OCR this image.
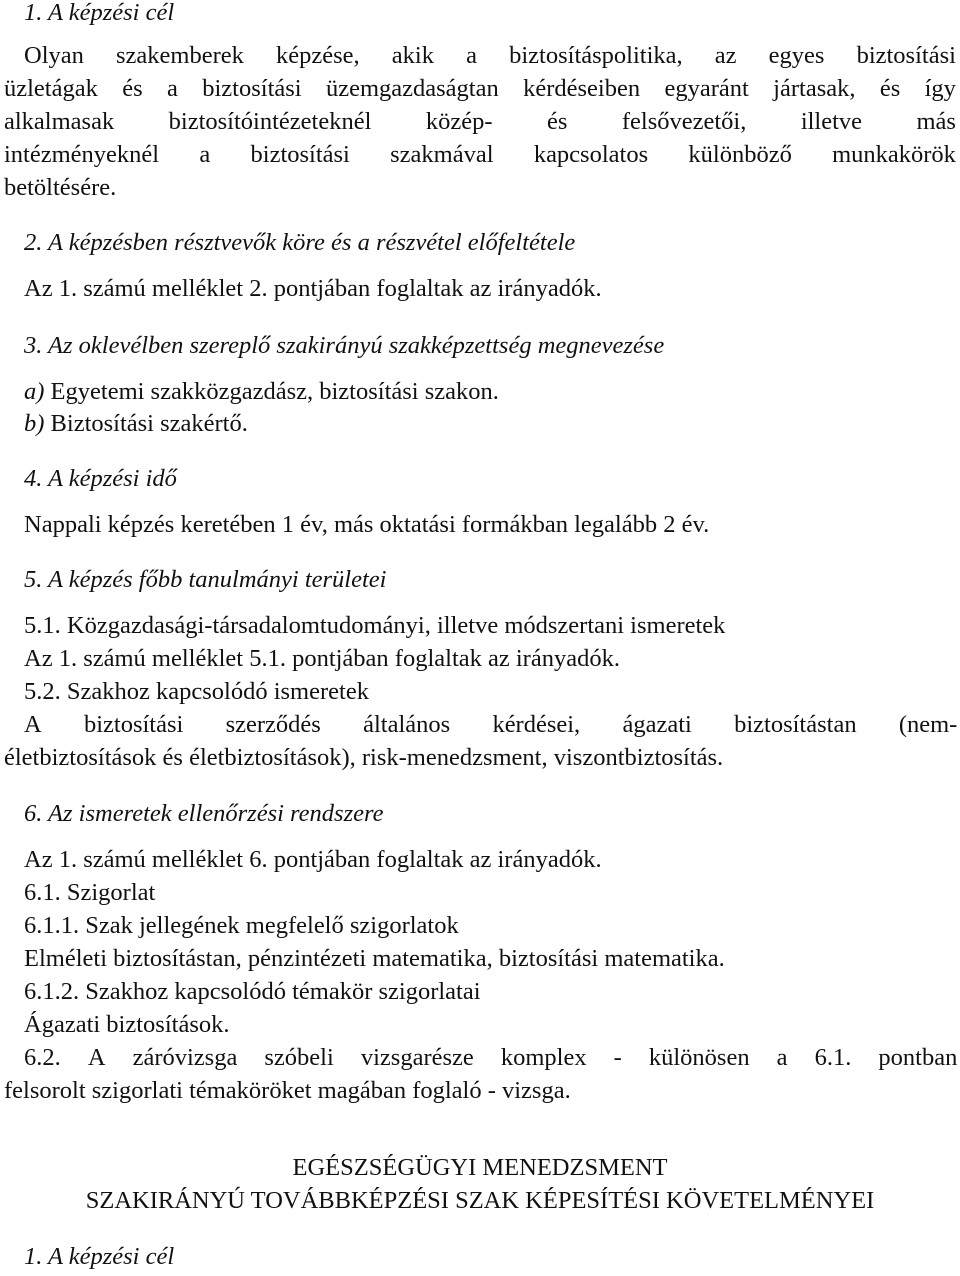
1. A képzési cél
Olyan szakemberek képzése, akik a biztosításpolitika, az egyes biztosítási
üzletágak és a biztosítási üzemgazdaságtan kérdéseiben egyaránt jártasak, és így
alkalmasak biztosítóintézeteknél közép- és felsővezetői, illetve más
intézményeknél a biztosítási szakmával kapcsolatos különböző munkakörök
betöltésére.
2. A képzésben résztvevők köre és a részvétel előfeltétele
Az 1. számú melléklet 2. pontjában foglaltak az irányadók.
3. Az oklevélben szereplő szakirányú szakképzettség megnevezése
a) Egyetemi szakközgazdász, biztosítási szakon.
b) Biztosítási szakértő.
4. A képzési idő
Nappali képzés keretében 1 év, más oktatási formákban legalább 2 év.
5. A képzés főbb tanulmányi területei
5.1. Közgazdasági-társadalomtudományi, illetve módszertani ismeretek
Az 1. számú melléklet 5.1. pontjában foglaltak az irányadók.
5.2. Szakhoz kapcsolódó ismeretek
A biztosítási szerződés általános kérdései, ágazati biztosítástan (nem-
életbiztosítások és életbiztosítások), risk-menedzsment, viszontbiztosítás.
6. Az ismeretek ellenőrzési rendszere
Az 1. számú melléklet 6. pontjában foglaltak az irányadók.
6.1. Szigorlat
6.1.1. Szak jellegének megfelelő szigorlatok
Elméleti biztosítástan, pénzintézeti matematika, biztosítási matematika.
6.1.2. Szakhoz kapcsolódó témakör szigorlatai
Ágazati biztosítások.
6.2. A záróvizsga szóbeli vizsgarésze komplex - különösen a 6.1. pontban
felsorolt szigorlati témaköröket magában foglaló - vizsga.
EGÉSZSÉGÜGYI MENEDZSMENT
SZAKIRÁNYÚ TOVÁBBKÉPZÉSI SZAK KÉPESÍTÉSI KÖVETELMÉNYEI
1. A képzési cél
